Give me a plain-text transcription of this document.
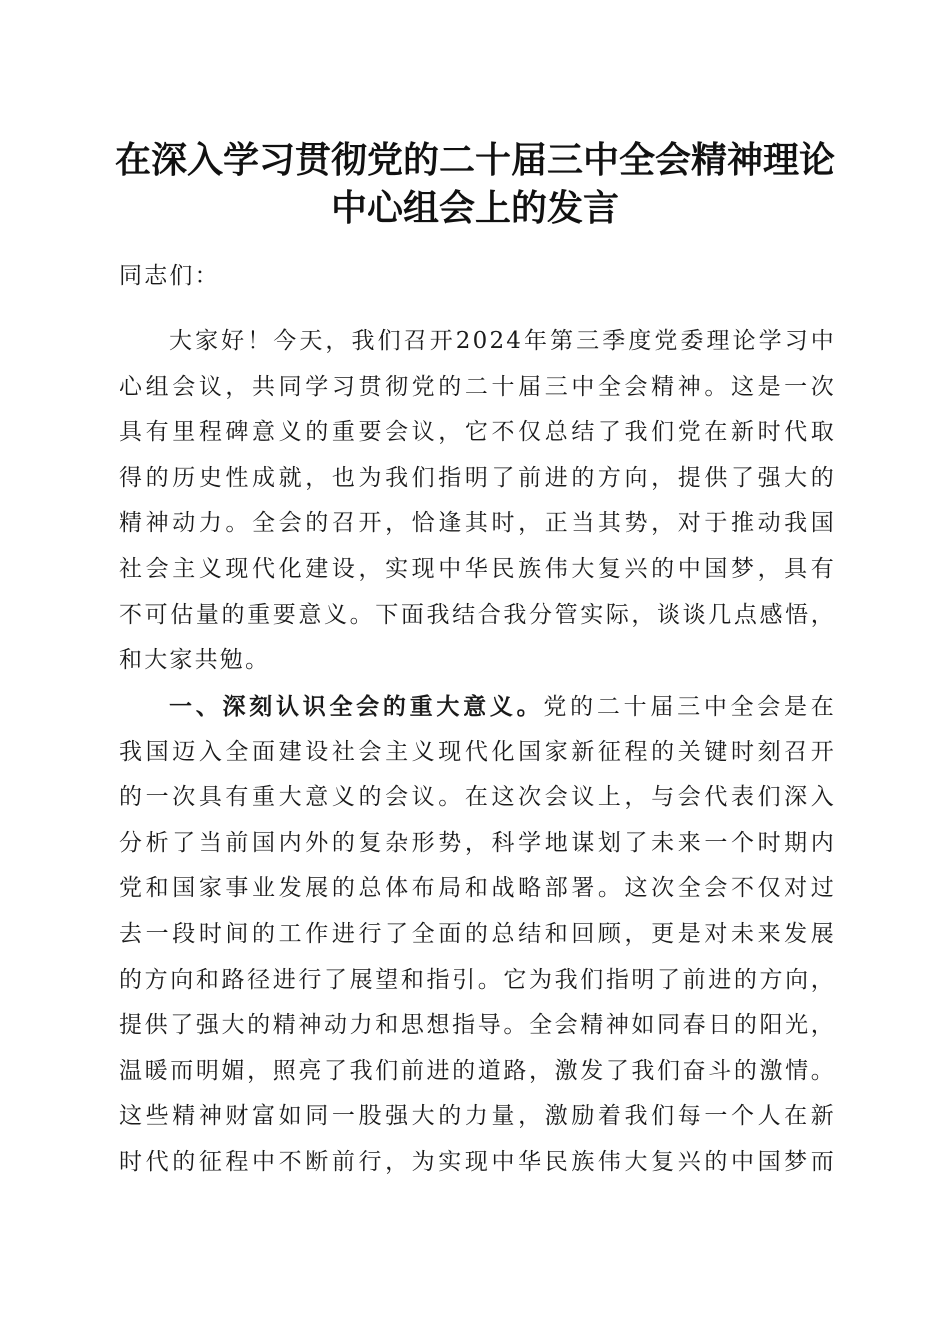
在深入学习贯彻党的二十届三中全会精神理论
中心组会上的发言

同志们：

大家好！今天，我们召开2024年第三季度党委理论学习中
心组会议，共同学习贯彻党的二十届三中全会精神。这是一次
具有里程碑意义的重要会议，它不仅总结了我们党在新时代取
得的历史性成就，也为我们指明了前进的方向，提供了强大的
精神动力。全会的召开，恰逢其时，正当其势，对于推动我国
社会主义现代化建设，实现中华民族伟大复兴的中国梦，具有
不可估量的重要意义。下面我结合我分管实际，谈谈几点感悟，
和大家共勉。
一、深刻认识全会的重大意义。党的二十届三中全会是在
我国迈入全面建设社会主义现代化国家新征程的关键时刻召开
的一次具有重大意义的会议。在这次会议上，与会代表们深入
分析了当前国内外的复杂形势，科学地谋划了未来一个时期内
党和国家事业发展的总体布局和战略部署。这次全会不仅对过
去一段时间的工作进行了全面的总结和回顾，更是对未来发展
的方向和路径进行了展望和指引。它为我们指明了前进的方向，
提供了强大的精神动力和思想指导。全会精神如同春日的阳光，
温暖而明媚，照亮了我们前进的道路，激发了我们奋斗的激情。
这些精神财富如同一股强大的力量，激励着我们每一个人在新
时代的征程中不断前行，为实现中华民族伟大复兴的中国梦而
